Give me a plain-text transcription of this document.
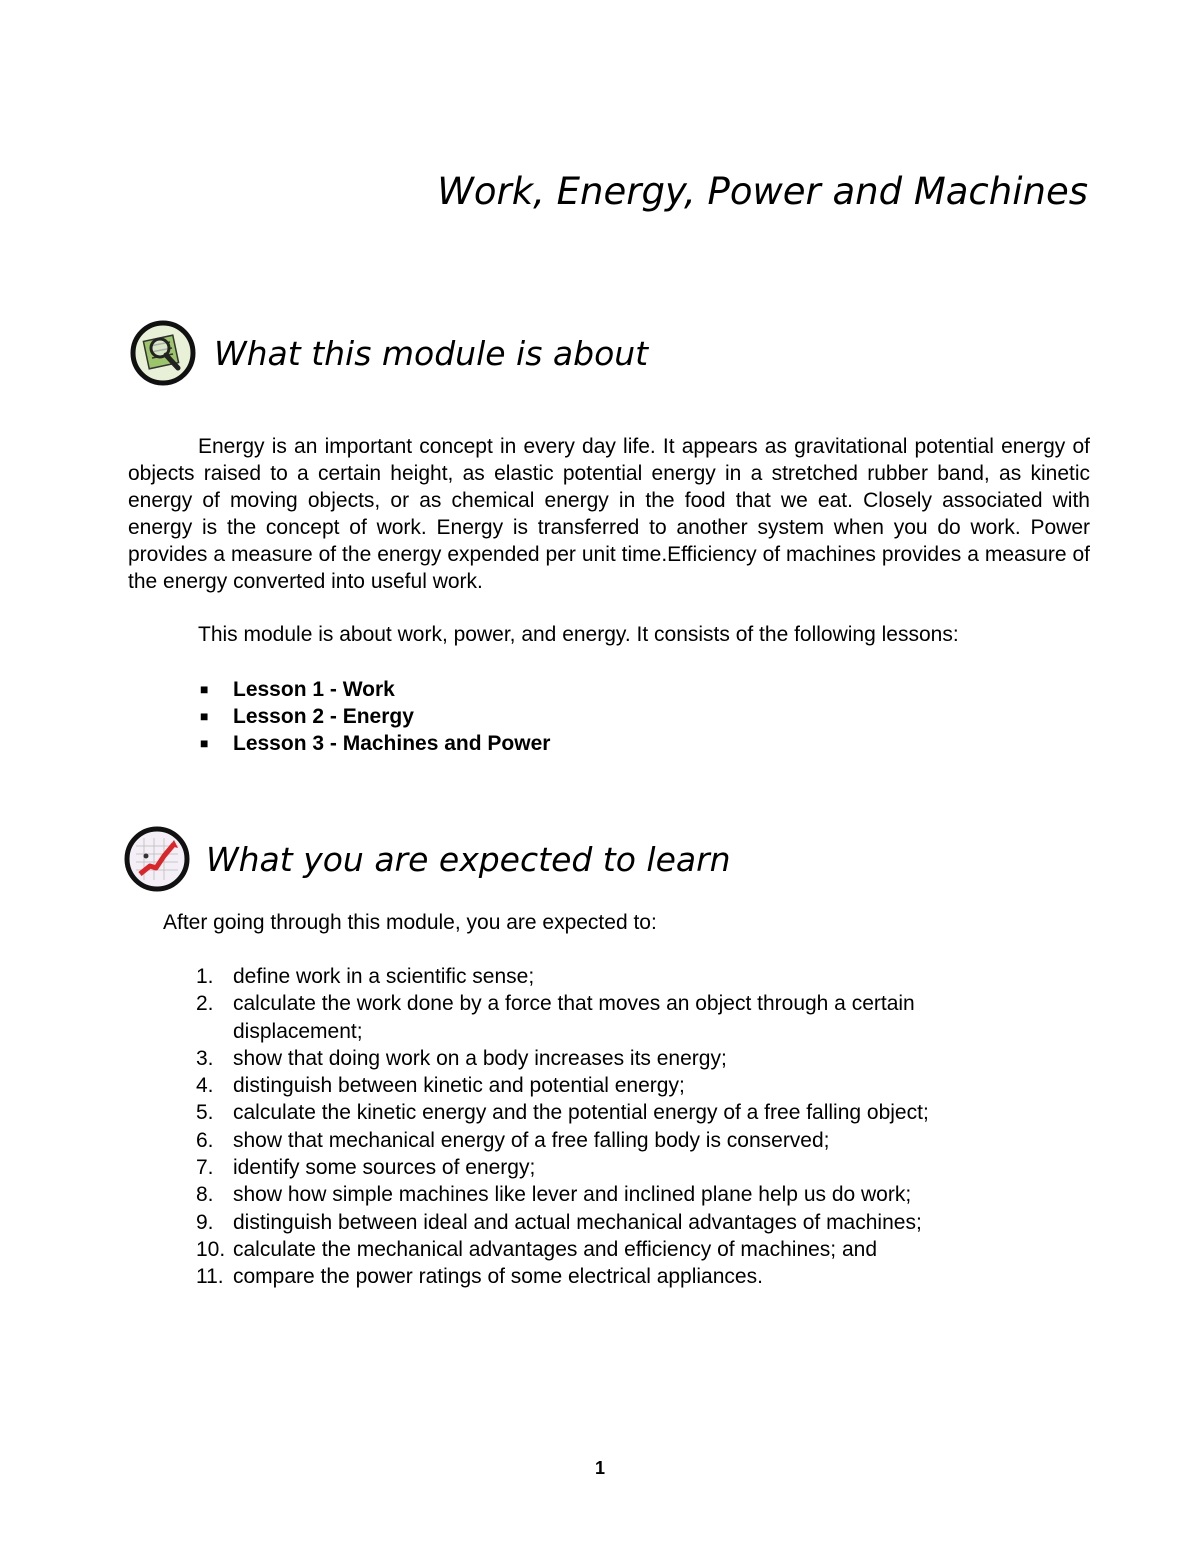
Work, Energy, Power and Machines
What this module is about

Energy is an important concept in every day life. It appears as gravitational potential energy of objects raised to a certain height, as elastic potential energy in a stretched rubber band, as kinetic energy of moving objects, or as chemical energy in the food that we eat. Closely associated with energy is the concept of work. Energy is transferred to another system when you do work. Power provides a measure of the energy expended per unit time.Efficiency of machines provides a measure of the energy converted into useful work.

This module is about work, power, and energy. It consists of the following lessons:

■	Lesson 1 - Work
■	Lesson 2 - Energy
■	Lesson 3 - Machines and Power
What you are expected to learn
After going through this module, you are expected to:
1. define work in a scientific sense;
2. calculate the work done by a force that moves an object through a certain displacement;
3. show that doing work on a body increases its energy;
4. distinguish between kinetic and potential energy;
5. calculate the kinetic energy and the potential energy of a free falling object;
6. show that mechanical energy of a free falling body is conserved;
7. identify some sources of energy;
8. show how simple machines like lever and inclined plane help us do work;
9. distinguish between ideal and actual mechanical advantages of machines;
10. calculate the mechanical advantages and efficiency of machines; and
11. compare the power ratings of some electrical appliances.
1
